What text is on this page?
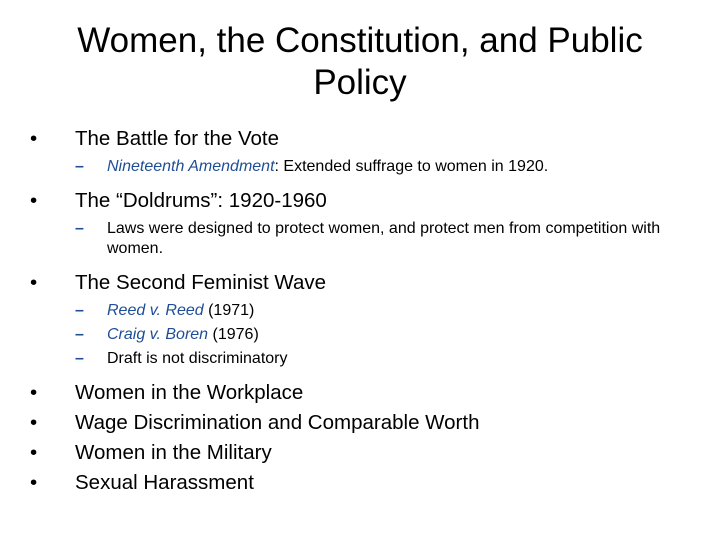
Women, the Constitution, and Public Policy
• The Battle for the Vote
– Nineteenth Amendment: Extended suffrage to women in 1920.
• The “Doldrums”: 1920-1960
– Laws were designed to protect women, and protect men from competition with women.
• The Second Feminist Wave
– Reed v. Reed (1971)
– Craig v. Boren (1976)
– Draft is not discriminatory
• Women in the Workplace
• Wage Discrimination and Comparable Worth
• Women in the Military
• Sexual Harassment
